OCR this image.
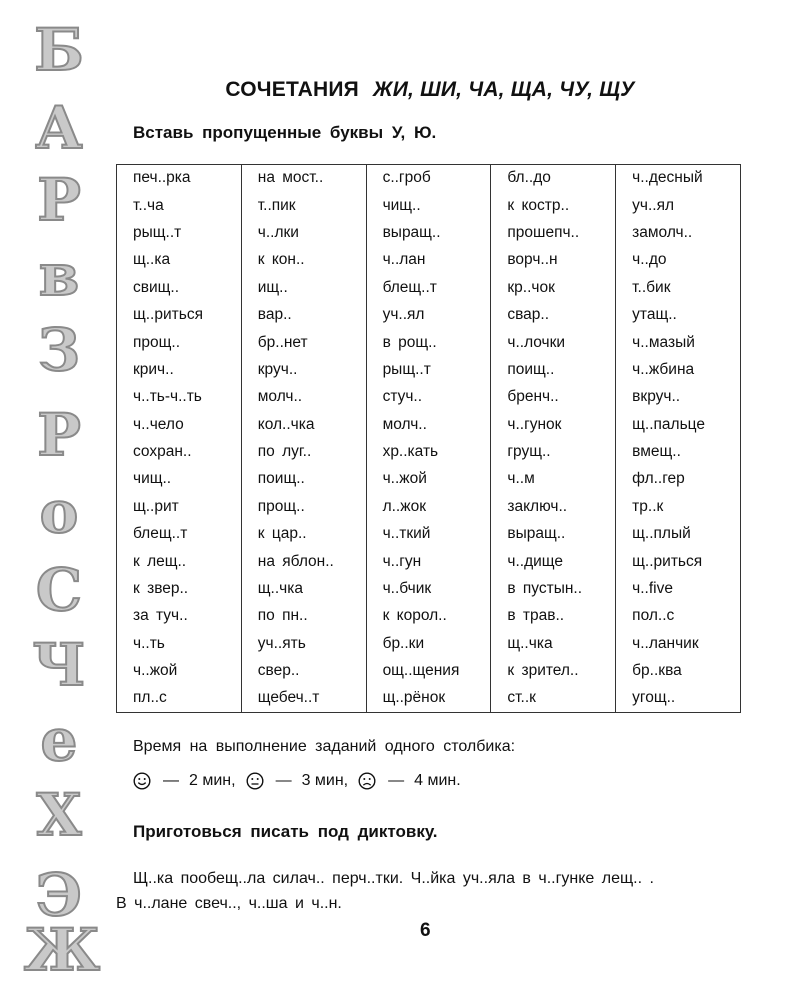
Б
А
Р
в
З
Р
о
С
Ч
е
Х
Э
Ж
СОЧЕТАНИЯ ЖИ, ШИ, ЧА, ЩА, ЧУ, ЩУ
Вставь пропущенные буквы У, Ю.
печ..рка	на мост..	с..гроб	бл..до	ч..десный
т..ча	т..пик	чищ..	к костр..	уч..ял
рыщ..т	ч..лки	выращ..	прошепч..	замолч..
щ..ка	к кон..	ч..лан	ворч..н	ч..до
свищ..	ищ..	блещ..т	кр..чок	т..бик
щ..риться	вар..	уч..ял	свар..	утащ..
прощ..	бр..нет	в рощ..	ч..лочки	ч..мазый
крич..	круч..	рыщ..т	поищ..	ч..жбина
ч..ть-ч..ть	молч..	стуч..	бренч..	вкруч..
ч..чело	кол..чка	молч..	ч..гунок	щ..пальце
сохран..	по луг..	хр..кать	грущ..	вмещ..
чищ..	поищ..	ч..жой	ч..м	фл..гер
щ..рит	прощ..	л..жок	заключ..	тр..к
блещ..т	к цар..	ч..ткий	выращ..	щ..плый
к лещ..	на яблон..	ч..гун	ч..дище	щ..риться
к звер..	щ..чка	ч..бчик	в пустын..	ч..five
за туч..	по пн..	к корол..	в трав..	пол..с
ч..ть	уч..ять	бр..ки	щ..чка	ч..ланчик
ч..жой	свер..	ощ..щения	к зрител..	бр..ква
пл..с	щебеч..т	щ..рёнок	ст..к	угощ..
Время на выполнение заданий одного столбика:
— 2 мин,	— 3 мин,	— 4 мин.
Приготовься писать под диктовку.
Щ..ка пообещ..ла силач.. перч..тки. Ч..йка уч..яла в ч..гунке лещ.. .
В ч..лане свеч.., ч..ша и ч..н.
6
